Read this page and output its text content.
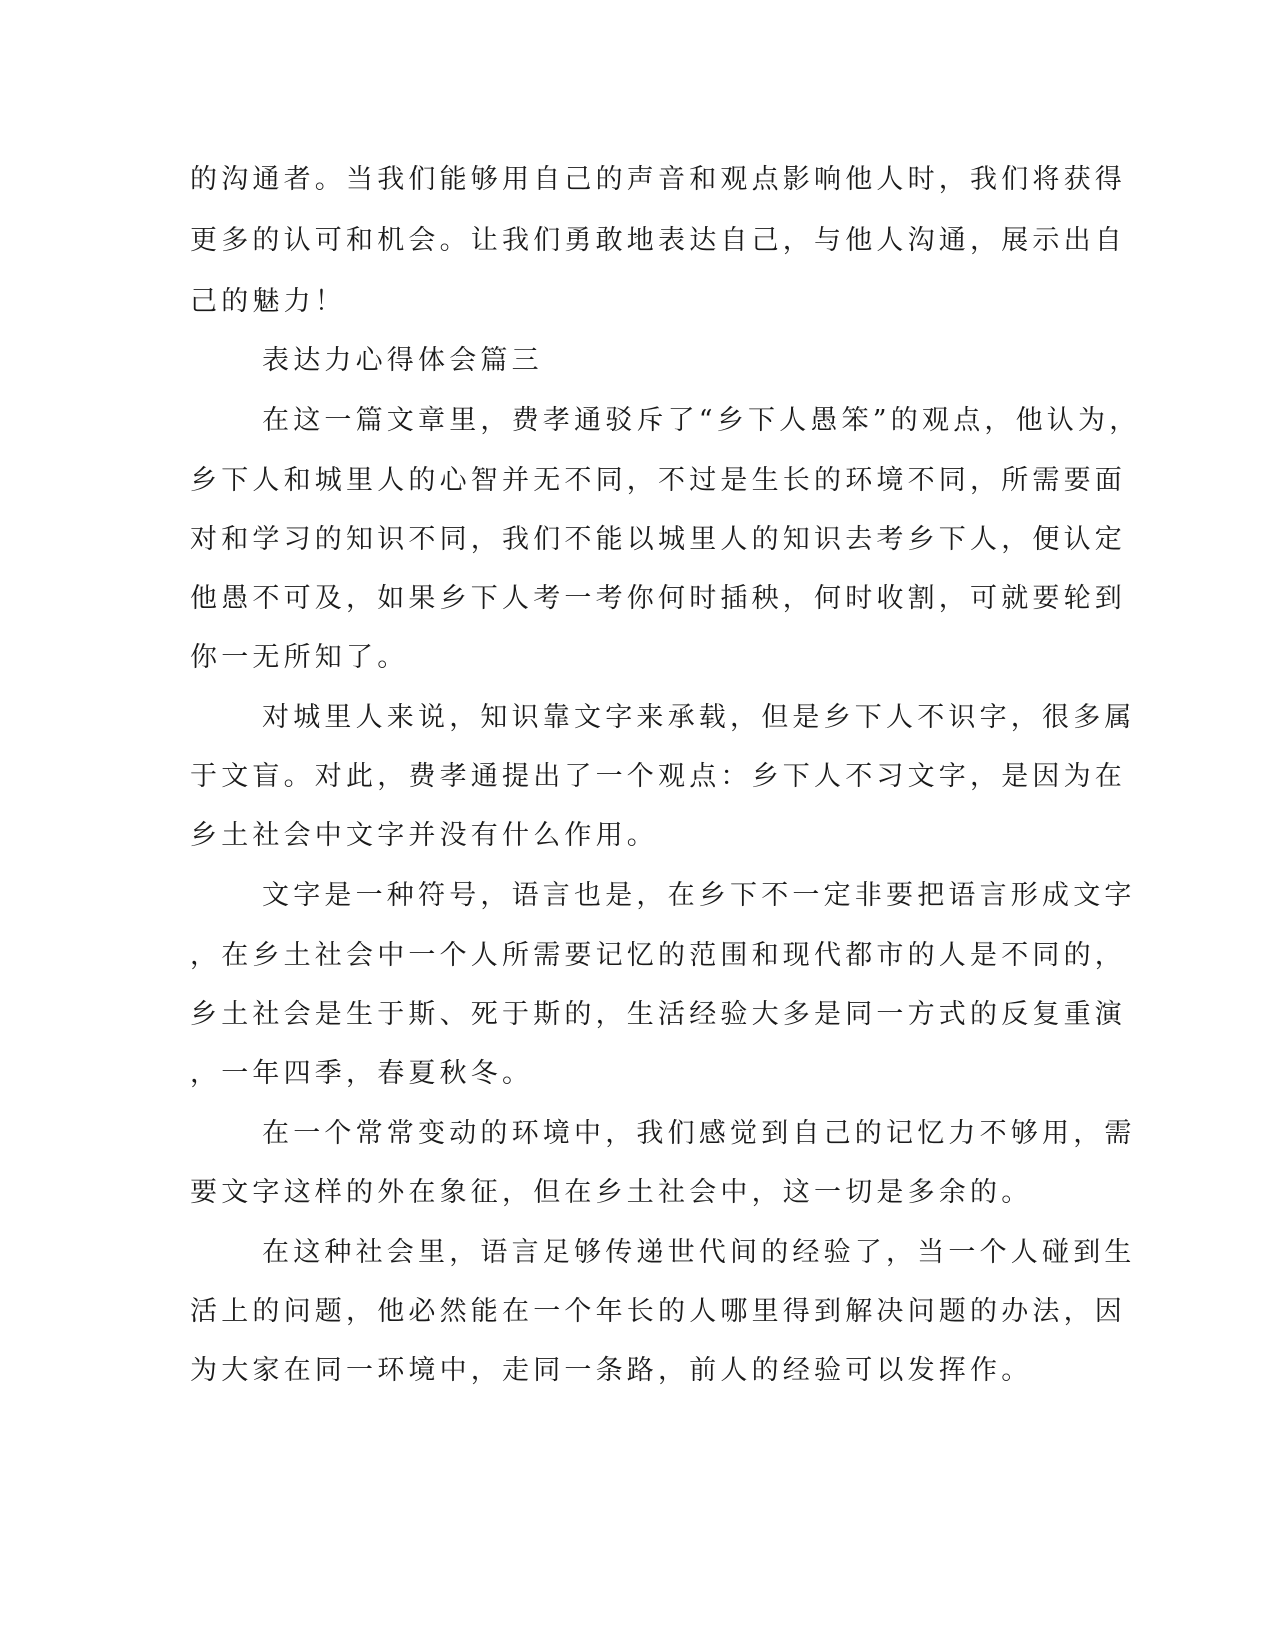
的沟通者。当我们能够用自己的声音和观点影响他人时，我们将获得
更多的认可和机会。让我们勇敢地表达自己，与他人沟通，展示出自
己的魅力！
表达力心得体会篇三
在这一篇文章里，费孝通驳斥了“乡下人愚笨”的观点，他认为，
乡下人和城里人的心智并无不同，不过是生长的环境不同，所需要面
对和学习的知识不同，我们不能以城里人的知识去考乡下人，便认定
他愚不可及，如果乡下人考一考你何时插秧，何时收割，可就要轮到
你一无所知了。
对城里人来说，知识靠文字来承载，但是乡下人不识字，很多属
于文盲。对此，费孝通提出了一个观点：乡下人不习文字，是因为在
乡土社会中文字并没有什么作用。
文字是一种符号，语言也是，在乡下不一定非要把语言形成文字
，在乡土社会中一个人所需要记忆的范围和现代都市的人是不同的，
乡土社会是生于斯、死于斯的，生活经验大多是同一方式的反复重演
，一年四季，春夏秋冬。
在一个常常变动的环境中，我们感觉到自己的记忆力不够用，需
要文字这样的外在象征，但在乡土社会中，这一切是多余的。
在这种社会里，语言足够传递世代间的经验了，当一个人碰到生
活上的问题，他必然能在一个年长的人哪里得到解决问题的办法，因
为大家在同一环境中，走同一条路，前人的经验可以发挥作。
